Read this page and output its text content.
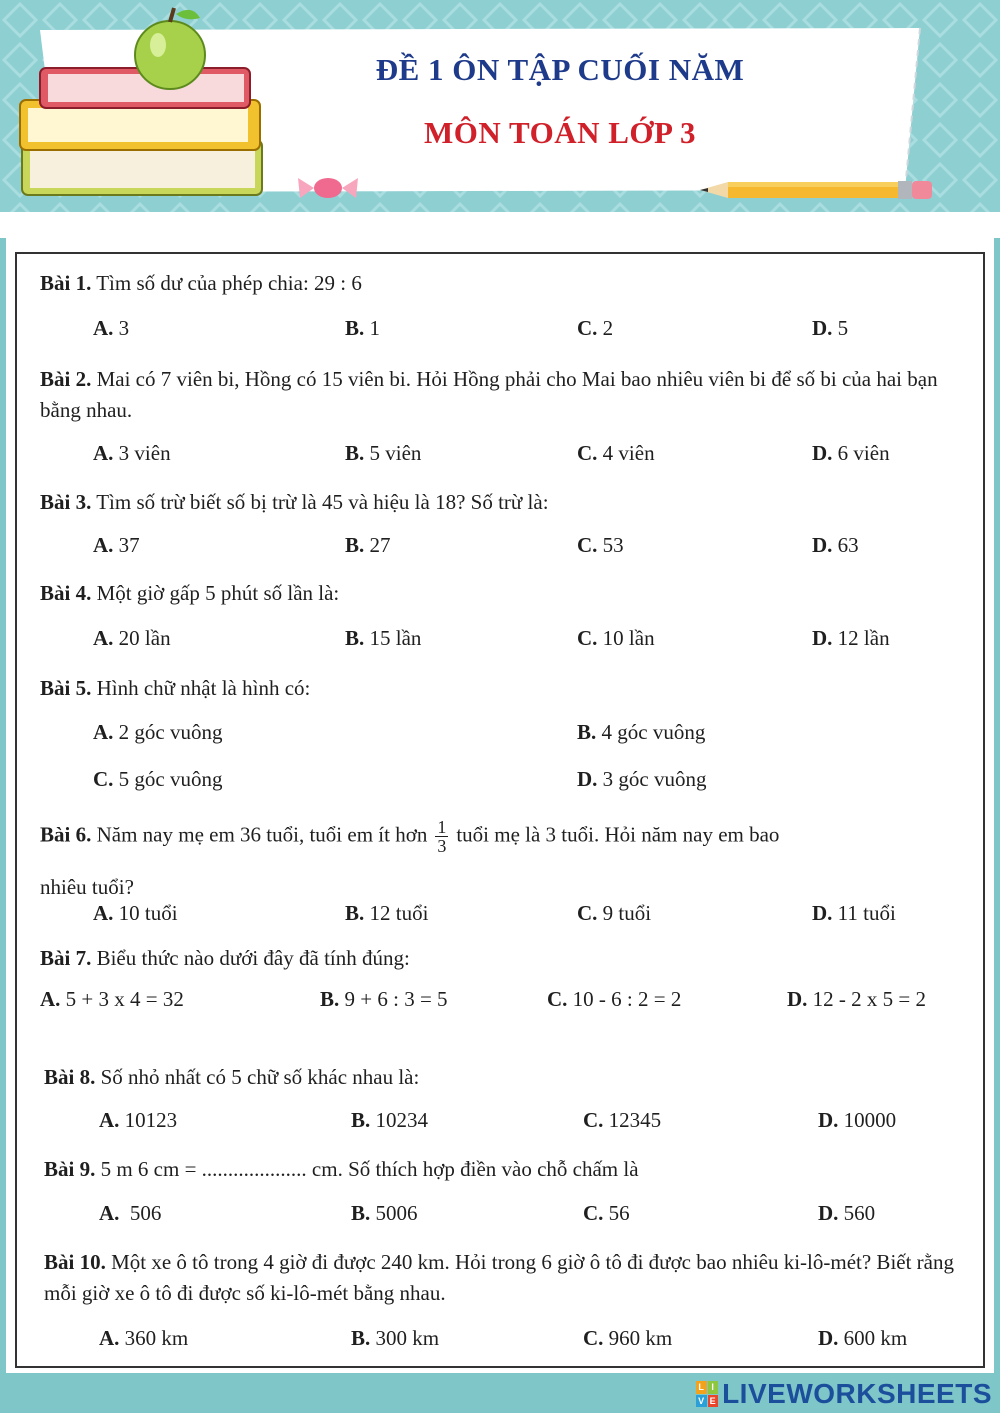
ĐỀ 1 ÔN TẬP CUỐI NĂM
MÔN TOÁN LỚP 3
Bài 1. Tìm số dư của phép chia: 29 : 6
A. 3	B. 1	C. 2	D. 5
Bài 2. Mai có 7 viên bi, Hồng có 15 viên bi. Hỏi Hồng phải cho Mai bao nhiêu viên bi để số bi của hai bạn bằng nhau.
A. 3 viên	B. 5 viên	C. 4 viên	D. 6 viên
Bài 3. Tìm số trừ biết số bị trừ là 45 và hiệu là 18? Số trừ là:
A. 37	B. 27	C. 53	D. 63
Bài 4. Một giờ gấp 5 phút số lần là:
A. 20 lần	B. 15 lần	C. 10 lần	D. 12 lần
Bài 5. Hình chữ nhật là hình có:
A. 2 góc vuông	B. 4 góc vuông
C. 5 góc vuông	D. 3 góc vuông
Bài 6. Năm nay mẹ em 36 tuổi, tuổi em ít hơn $\frac{1}{3}$ tuổi mẹ là 3 tuổi. Hỏi năm nay em bao
nhiêu tuổi?
A. 10 tuổi	B. 12 tuổi	C. 9 tuổi	D. 11 tuổi
Bài 7. Biểu thức nào dưới đây đã tính đúng:
A. 5 + 3 x 4 = 32	B. 9 + 6 : 3 = 5	C. 10 - 6 : 2 = 2	D. 12 - 2 x 5 = 2
Bài 8. Số nhỏ nhất có 5 chữ số khác nhau là:
A. 10123	B. 10234	C. 12345	D. 10000
Bài 9. 5 m 6 cm = .................... cm. Số thích hợp điền vào chỗ chấm là
A.  506	B. 5006	C. 56	D. 560
Bài 10. Một xe ô tô trong 4 giờ đi được 240 km. Hỏi trong 6 giờ ô tô đi được bao nhiêu ki-lô-mét? Biết rằng mỗi giờ xe ô tô đi được số ki-lô-mét bằng nhau.
A. 360 km	B. 300 km	C. 960 km	D. 600 km
L I
V E LIVEWORKSHEETS
